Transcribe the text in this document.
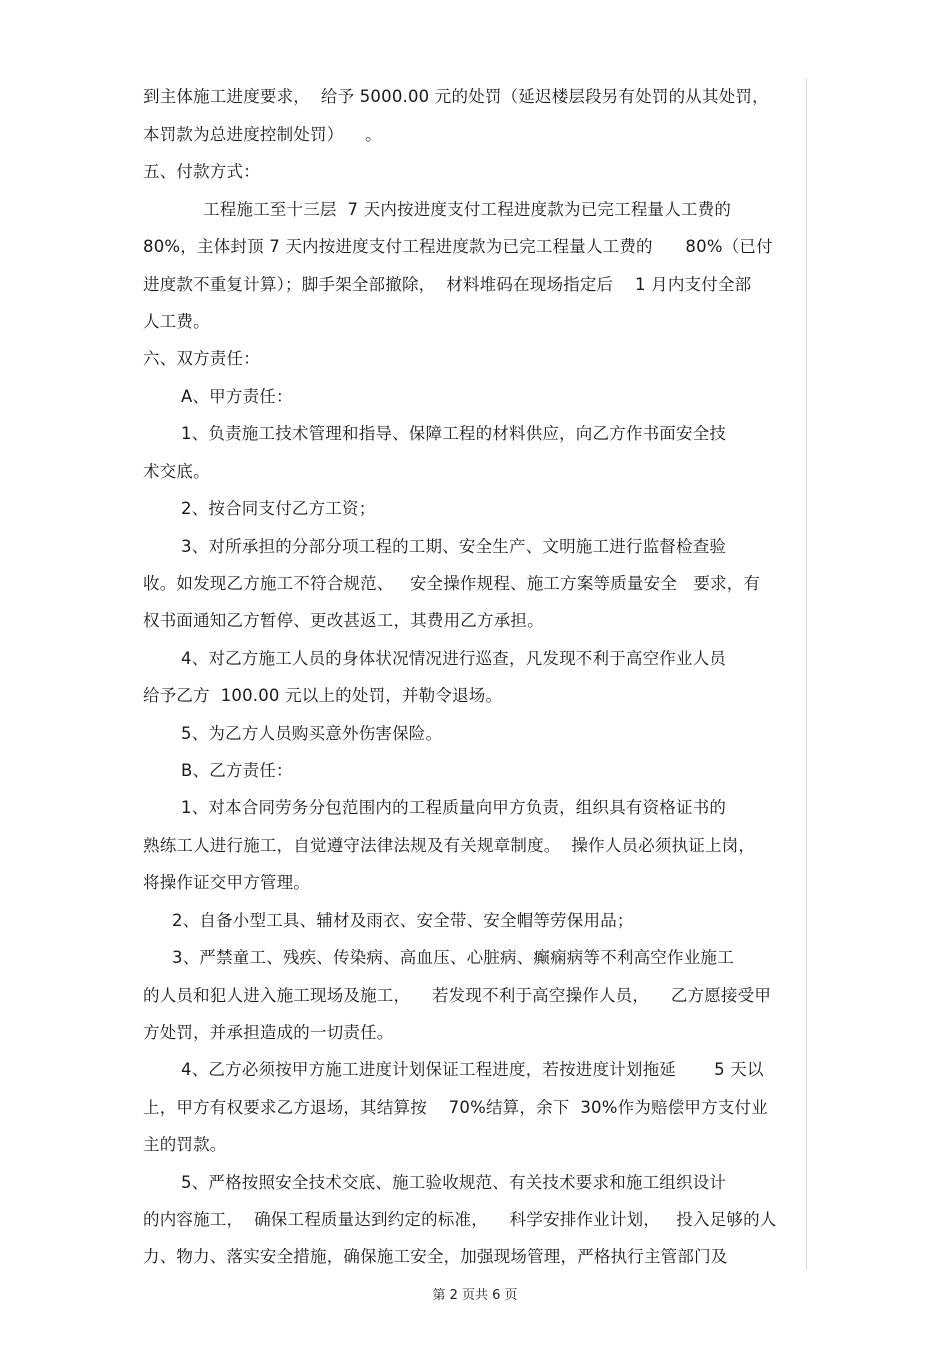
到主体施工进度要求，  给予 5000.00 元的处罚（延迟楼层段另有处罚的从其处罚，
本罚款为总进度控制处罚）    。
五、付款方式：
工程施工至十三层  7 天内按进度支付工程进度款为已完工程量人工费的
80%，主体封顶 7 天内按进度支付工程进度款为已完工程量人工费的      80%（已付
进度款不重复计算）；脚手架全部撤除，  材料堆码在现场指定后    1 月内支付全部
人工费。
六、双方责任：
A、甲方责任：
1、负责施工技术管理和指导、保障工程的材料供应，向乙方作书面安全技
术交底。
2、按合同支付乙方工资；
3、对所承担的分部分项工程的工期、安全生产、文明施工进行监督检查验
收。如发现乙方施工不符合规范、   安全操作规程、施工方案等质量安全   要求，有
权书面通知乙方暂停、更改甚返工，其费用乙方承担。
4、对乙方施工人员的身体状况情况进行巡查，凡发现不利于高空作业人员
给予乙方  100.00 元以上的处罚，并勒令退场。
5、为乙方人员购买意外伤害保险。
B、乙方责任：
1、对本合同劳务分包范围内的工程质量向甲方负责，组织具有资格证书的
熟练工人进行施工，自觉遵守法律法规及有关规章制度。  操作人员必须执证上岗，
将操作证交甲方管理。
2、自备小型工具、辅材及雨衣、安全带、安全帽等劳保用品；
3、严禁童工、残疾、传染病、高血压、心脏病、癫痫病等不利高空作业施工
的人员和犯人进入施工现场及施工，    若发现不利于高空操作人员，    乙方愿接受甲
方处罚，并承担造成的一切责任。
4、乙方必须按甲方施工进度计划保证工程进度，若按进度计划拖延       5 天以
上，甲方有权要求乙方退场，其结算按    70%结算，余下  30%作为赔偿甲方支付业
主的罚款。
5、严格按照安全技术交底、施工验收规范、有关技术要求和施工组织设计
的内容施工，  确保工程质量达到约定的标准，    科学安排作业计划，   投入足够的人
力、物力、落实安全措施，确保施工安全，加强现场管理，严格执行主管部门及
第 2 页共 6 页
